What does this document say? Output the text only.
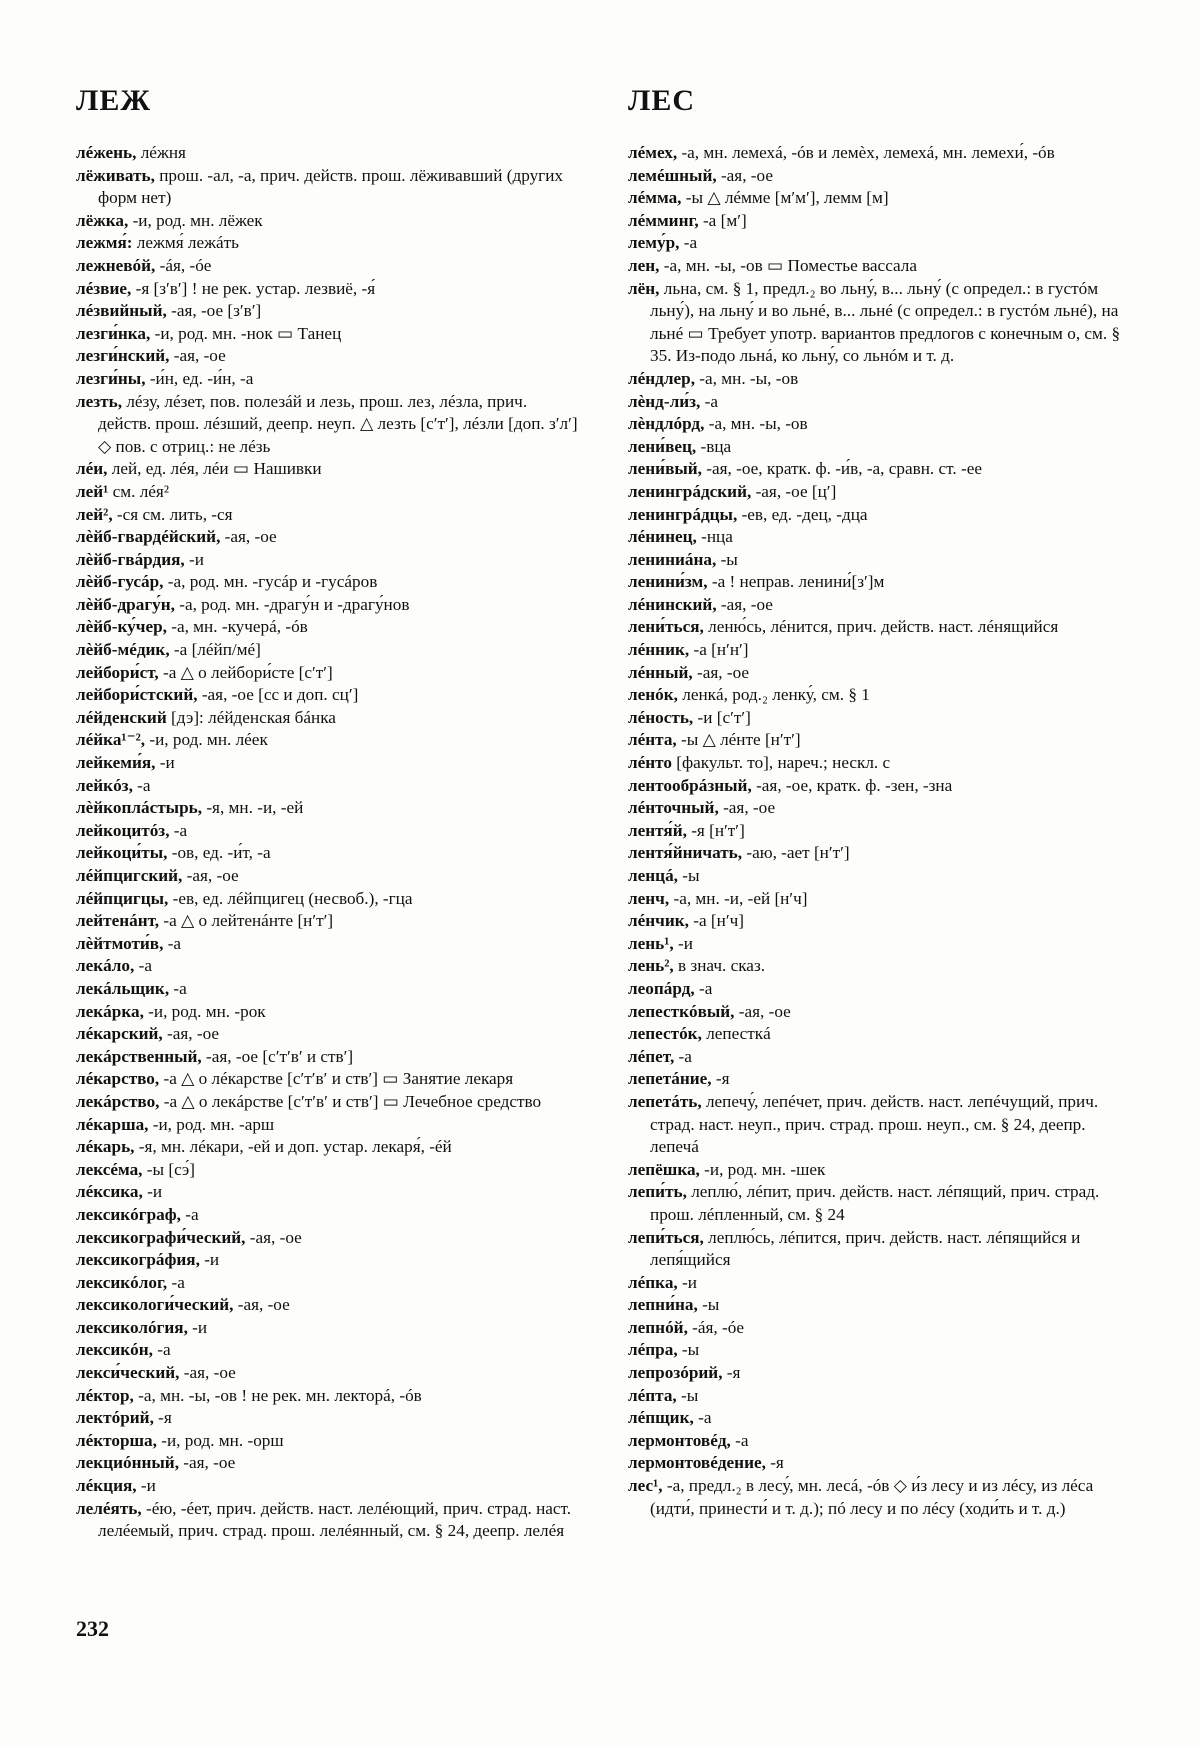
ЛЕЖ	ЛЕС

лéжень, лéжня

лёживать, прош. -ал, -а, прич. действ. прош. лёживавший (других форм нет)

лёжка, -и, род. мн. лёжек

лежмя́: лежмя́ лежáть

лежневóй, -áя, -óе

лéзвие, -я [зʹвʹ] ! не рек. устар. лезвиё, -я́

лéзвийный, -ая, -ое [зʹвʹ]

лезги́нка, -и, род. мн. -нок ▭ Танец

лезги́нский, -ая, -ое

лезги́ны, -и́н, ед. -и́н, -а

лезть, лéзу, лéзет, пов. полезáй и лезь, прош. лез, лéзла, прич. действ. прош. лéзший, деепр. неуп. △ лезть [сʹтʹ], лéзли [доп. зʹлʹ] ◇ пов. с отриц.: не лéзь

лéи, лей, ед. лéя, лéи ▭ Нашивки

лей¹ см. лéя²

лей², -ся см. лить, -ся

лѐйб-гвардéйский, -ая, -ое

лѐйб-гвáрдия, -и

лѐйб-гусáр, -а, род. мн. -гусáр и -гусáров

лѐйб-драгу́н, -а, род. мн. -драгу́н и -драгу́нов

лѐйб-ку́чер, -а, мн. -кучерá, -óв

лѐйб-мéдик, -а [лéйп/мé]

лейбори́ст, -а △ о лейбори́сте [сʹтʹ]

лейбори́стский, -ая, -ое [сс и доп. сцʹ]

лéйденский [дэ]: лéйденская бáнка

лéйка¹⁻², -и, род. мн. лéек

лейкеми́я, -и

лейкóз, -а

лѐйкоплáстырь, -я, мн. -и, -ей

лейкоцитóз, -а

лейкоци́ты, -ов, ед. -и́т, -а

лéйпцигский, -ая, -ое

лéйпцигцы, -ев, ед. лéйпцигец (несвоб.), -гца

лейтенáнт, -а △ о лейтенáнте [нʹтʹ]

лѐйтмоти́в, -а

лекáло, -а

лекáльщик, -а

лекáрка, -и, род. мн. -рок

лéкарский, -ая, -ое

лекáрственный, -ая, -ое [сʹтʹвʹ и ствʹ]

лéкарство, -а △ о лéкарстве [сʹтʹвʹ и ствʹ] ▭ Занятие лекаря

лекáрство, -а △ о лекáрстве [сʹтʹвʹ и ствʹ] ▭ Лечебное средство

лéкарша, -и, род. мн. -арш

лéкарь, -я, мн. лéкари, -ей и доп. устар. лекаря́, -éй

лексéма, -ы [сэ́]

лéксика, -и

лексикóграф, -а

лексикографи́ческий, -ая, -ое

лексикогрáфия, -и

лексикóлог, -а

лексикологи́ческий, -ая, -ое

лексиколóгия, -и

лексикóн, -а

лекси́ческий, -ая, -ое

лéктор, -а, мн. -ы, -ов ! не рек. мн. лекторá, -óв

лектóрий, -я

лéкторша, -и, род. мн. -орш

лекциóнный, -ая, -ое

лéкция, -и

лелéять, -éю, -éет, прич. действ. наст. лелéющий, прич. страд. наст. лелéемый, прич. страд. прош. лелéянный, см. § 24, деепр. лелéя

лéмех, -а, мн. лемехá, -óв и лемѐх, лемехá, мн. лемехи́, -óв

лемéшный, -ая, -ое

лéмма, -ы △ лéмме [мʹмʹ], лемм [м]

лéмминг, -а [мʹ]

лему́р, -а

лен, -а, мн. -ы, -ов ▭ Поместье вассала

лён, льна, см. § 1, предл.₂ во льну́, в... льну́ (с определ.: в густóм льну́), на льну́ и во льнé, в... льнé (с определ.: в густóм льнé), на льнé ▭ Требует употр. вариантов предлогов с конечным о, см. § 35. Из-подо льнá, ко льну́, со льнóм и т. д.

лéндлер, -а, мн. -ы, -ов

лѐнд-ли́з, -а

лѐндлóрд, -а, мн. -ы, -ов

лени́вец, -вца

лени́вый, -ая, -ое, кратк. ф. -и́в, -а, сравн. ст. -ее

ленингрáдский, -ая, -ое [цʹ]

ленингрáдцы, -ев, ед. -дец, -дца

лéнинец, -нца

лениниáна, -ы

ленини́зм, -а ! неправ. ленини́[зʹ]м

лéнинский, -ая, -ое

лени́ться, леню́сь, лéнится, прич. действ. наст. лéнящийся

лéнник, -а [нʹнʹ]

лéнный, -ая, -ое

ленóк, ленкá, род.₂ ленку́, см. § 1

лéность, -и [сʹтʹ]

лéнта, -ы △ лéнте [нʹтʹ]

лéнто [факульт. то], нареч.; нескл. с

лентообрáзный, -ая, -ое, кратк. ф. -зен, -зна

лéнточный, -ая, -ое

лентя́й, -я [нʹтʹ]

лентя́йничать, -аю, -ает [нʹтʹ]

ленцá, -ы

ленч, -а, мн. -и, -ей [нʹч]

лéнчик, -а [нʹч]

лень¹, -и

лень², в знач. сказ.

леопáрд, -а

лепесткóвый, -ая, -ое

лепестóк, лепесткá

лéпет, -а

лепетáние, -я

лепетáть, лепечу́, лепéчет, прич. действ. наст. лепéчущий, прич. страд. наст. неуп., прич. страд. прош. неуп., см. § 24, деепр. лепечá

лепёшка, -и, род. мн. -шек

лепи́ть, леплю́, лéпит, прич. действ. наст. лéпящий, прич. страд. прош. лéпленный, см. § 24

лепи́ться, леплю́сь, лéпится, прич. действ. наст. лéпящийся и лепя́щийся

лéпка, -и

лепни́на, -ы

лепнóй, -áя, -óе

лéпра, -ы

лепрозóрий, -я

лéпта, -ы

лéпщик, -а

лермонтовéд, -а

лермонтовéдение, -я

лес¹, -а, предл.₂ в лесу́, мн. лесá, -óв ◇ и́з лесу и из лéсу, из лéса (идти́, принести́ и т. д.); пó лесу и по лéсу (ходи́ть и т. д.)

232
